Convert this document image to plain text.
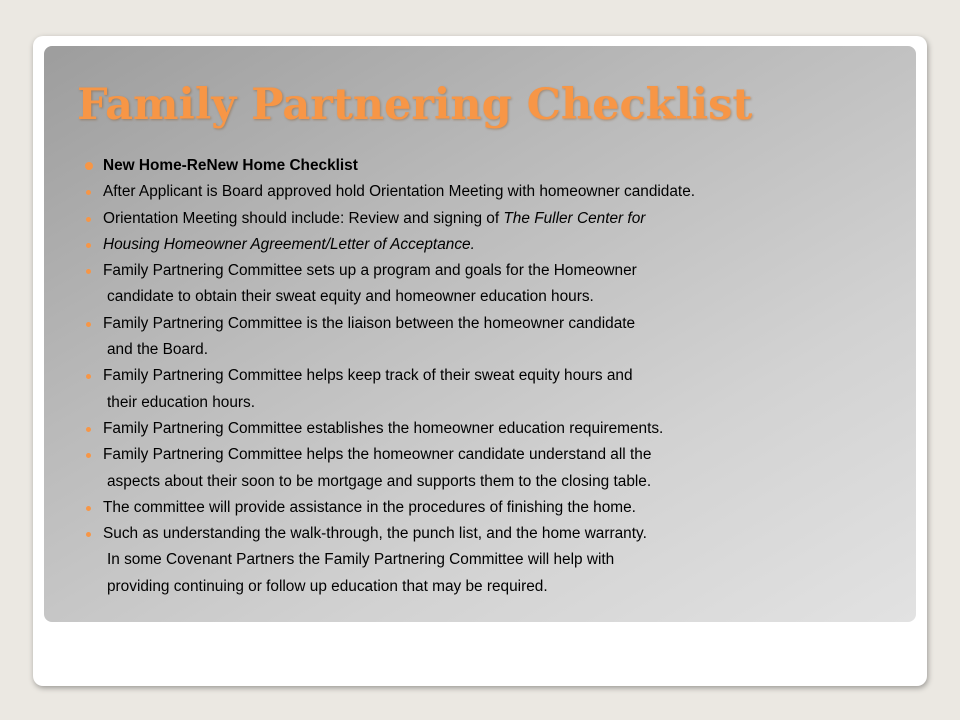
Family Partnering Checklist
New Home-ReNew Home Checklist
After Applicant is Board approved hold Orientation Meeting with homeowner candidate.
Orientation Meeting should include: Review and signing of The Fuller Center for
Housing Homeowner Agreement/Letter of Acceptance.
Family Partnering Committee sets up a program and goals for the Homeowner
candidate to obtain their sweat equity and homeowner education hours.
Family Partnering Committee is the liaison between the homeowner candidate
and the Board.
Family Partnering Committee helps keep track of their sweat equity hours and
their education hours.
Family Partnering Committee establishes the homeowner education requirements.
Family Partnering Committee helps the homeowner candidate understand all the
aspects about their soon to be mortgage and supports them to the closing table.
The committee will provide assistance in the procedures of finishing the home.
Such as understanding the walk-through, the punch list, and the home warranty.
In some Covenant Partners the Family Partnering Committee will help with
providing continuing or follow up education that may be required.
